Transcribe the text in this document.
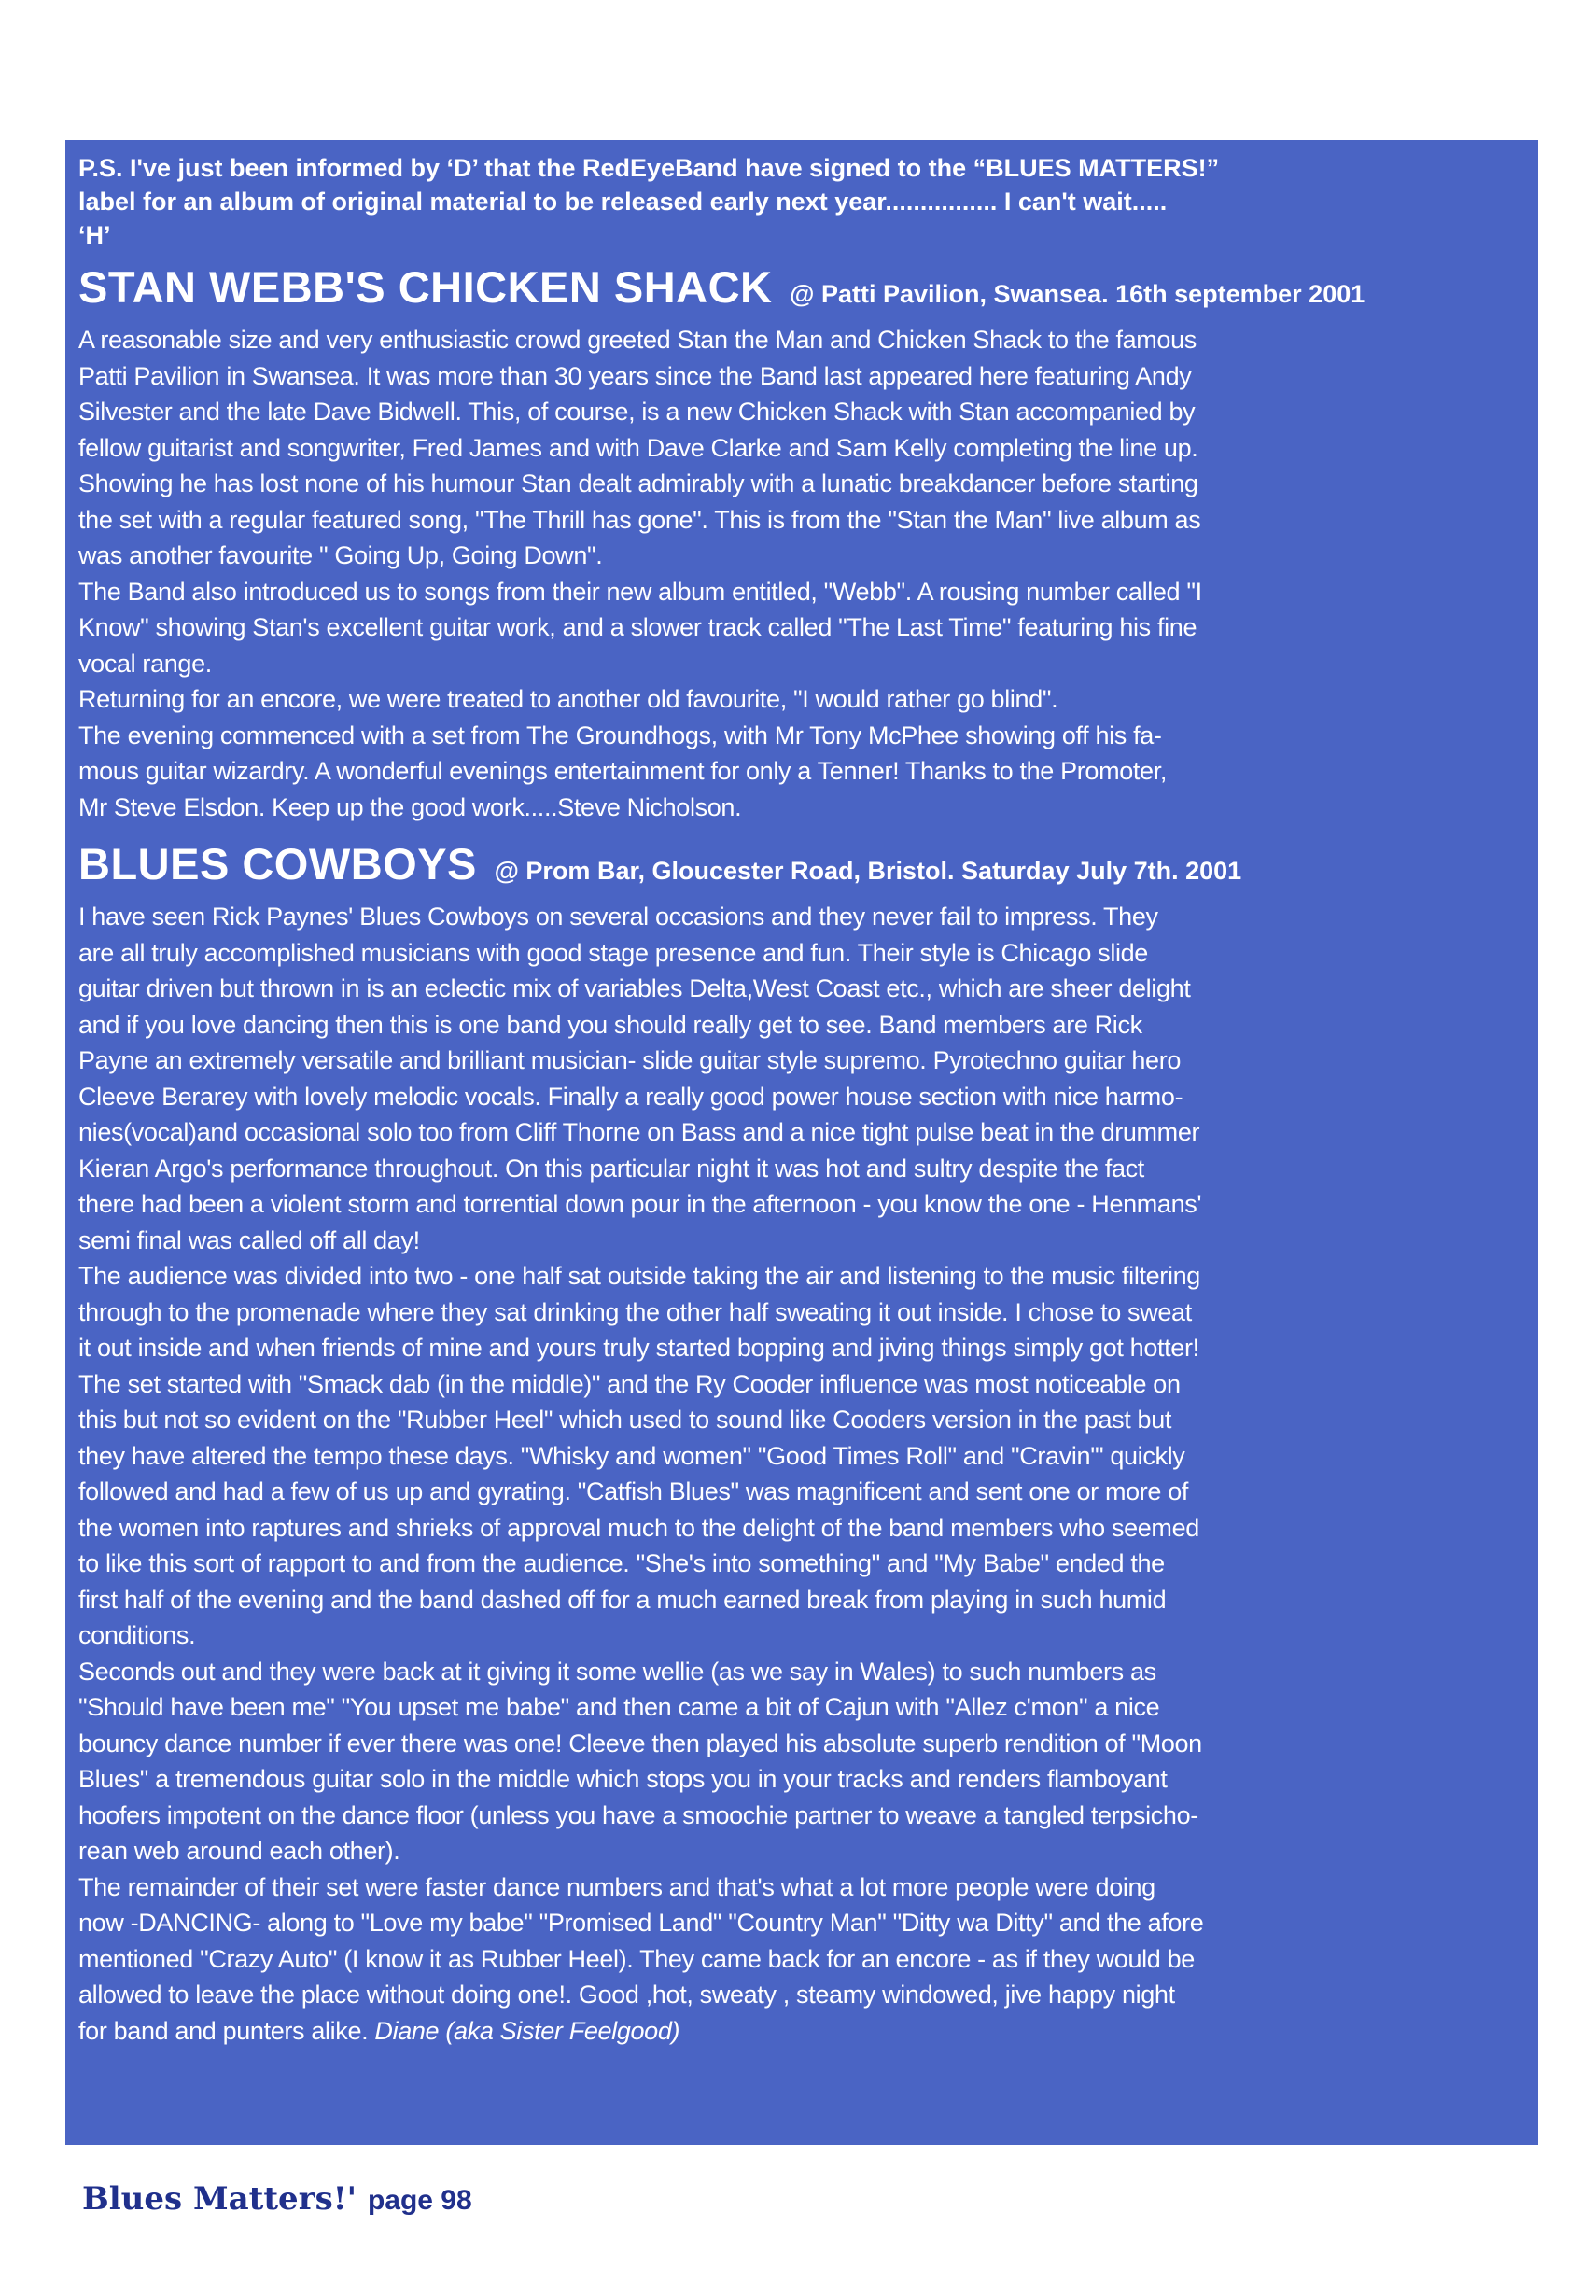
P.S. I've just been informed by ‘D’ that the RedEyeBand have signed to the “BLUES MATTERS!”

label for an album of original material to be released early next year................ I can't wait.....

‘H’

STAN WEBB'S CHICKEN SHACK @ Patti Pavilion, Swansea. 16th september 2001

A reasonable size and very enthusiastic crowd greeted Stan the Man and Chicken Shack to the famous

Patti Pavilion in Swansea. It was more than 30 years since the Band last appeared here featuring Andy

Silvester and the late Dave Bidwell. This, of course, is a new Chicken Shack with Stan accompanied by

fellow guitarist and songwriter, Fred James and with Dave Clarke and Sam Kelly completing the line up.

Showing he has lost none of his humour Stan dealt admirably with a lunatic breakdancer before starting

the set with a regular featured song, "The Thrill has gone". This is from the "Stan the Man" live album as

was another favourite " Going Up, Going Down".

The Band also introduced us to songs from their new album entitled, "Webb". A rousing number called "I

Know" showing Stan's excellent guitar work, and a slower track called "The Last Time" featuring his fine

vocal range.

Returning for an encore, we were treated to another old favourite, "I would rather go blind".

The evening commenced with a set from The Groundhogs, with Mr Tony McPhee showing off his fa-

mous guitar wizardry. A wonderful evenings entertainment for only a Tenner! Thanks to the Promoter,

Mr Steve Elsdon. Keep up the good work.....Steve Nicholson.

BLUES COWBOYS @ Prom Bar, Gloucester Road, Bristol. Saturday July 7th. 2001

I have seen Rick Paynes' Blues Cowboys on several occasions and they never fail to impress. They

are all truly accomplished musicians with good stage presence and fun. Their style is Chicago slide

guitar driven but thrown in is an eclectic mix of variables Delta,West Coast etc., which are sheer delight

and if you love dancing then this is one band you should really get to see. Band members are Rick

Payne an extremely versatile and brilliant musician- slide guitar style supremo. Pyrotechno guitar hero

Cleeve Berarey with lovely melodic vocals. Finally a really good power house section with nice harmo-

nies(vocal)and occasional solo too from Cliff Thorne on Bass and a nice tight pulse beat in the drummer

Kieran Argo's performance throughout. On this particular night it was hot and sultry despite the fact

there had been a violent storm and torrential down pour in the afternoon - you know the one - Henmans'

semi final was called off all day!

The audience was divided into two - one half sat outside taking the air and listening to the music filtering

through to the promenade where they sat drinking the other half sweating it out inside. I chose to sweat

it out inside and when friends of mine and yours truly started bopping and jiving things simply got hotter!

The set started with "Smack dab (in the middle)" and the Ry Cooder influence was most noticeable on

this but not so evident on the "Rubber Heel" which used to sound like Cooders version in the past but

they have altered the tempo these days. "Whisky and women" "Good Times Roll" and "Cravin'" quickly

followed and had a few of us up and gyrating. "Catfish Blues" was magnificent and sent one or more of

the women into raptures and shrieks of approval much to the delight of the band members who seemed

to like this sort of rapport to and from the audience. "She's into something" and "My Babe" ended the

first half of the evening and the band dashed off for a much earned break from playing in such humid

conditions.

Seconds out and they were back at it giving it some wellie (as we say in Wales) to such numbers as

"Should have been me" "You upset me babe" and then came a bit of Cajun with "Allez c'mon" a nice

bouncy dance number if ever there was one! Cleeve then played his absolute superb rendition of "Moon

Blues" a tremendous guitar solo in the middle which stops you in your tracks and renders flamboyant

hoofers impotent on the dance floor (unless you have a smoochie partner to weave a tangled terpsicho-

rean web around each other).

The remainder of their set were faster dance numbers and that's what a lot more people were doing

now -DANCING- along to "Love my babe" "Promised Land" "Country Man" "Ditty wa Ditty" and the afore

mentioned "Crazy Auto" (I know it as Rubber Heel). They came back for an encore - as if they would be

allowed to leave the place without doing one!. Good ,hot, sweaty , steamy windowed, jive happy night

for band and punters alike. Diane (aka Sister Feelgood)

Blues Matters!' page 98
